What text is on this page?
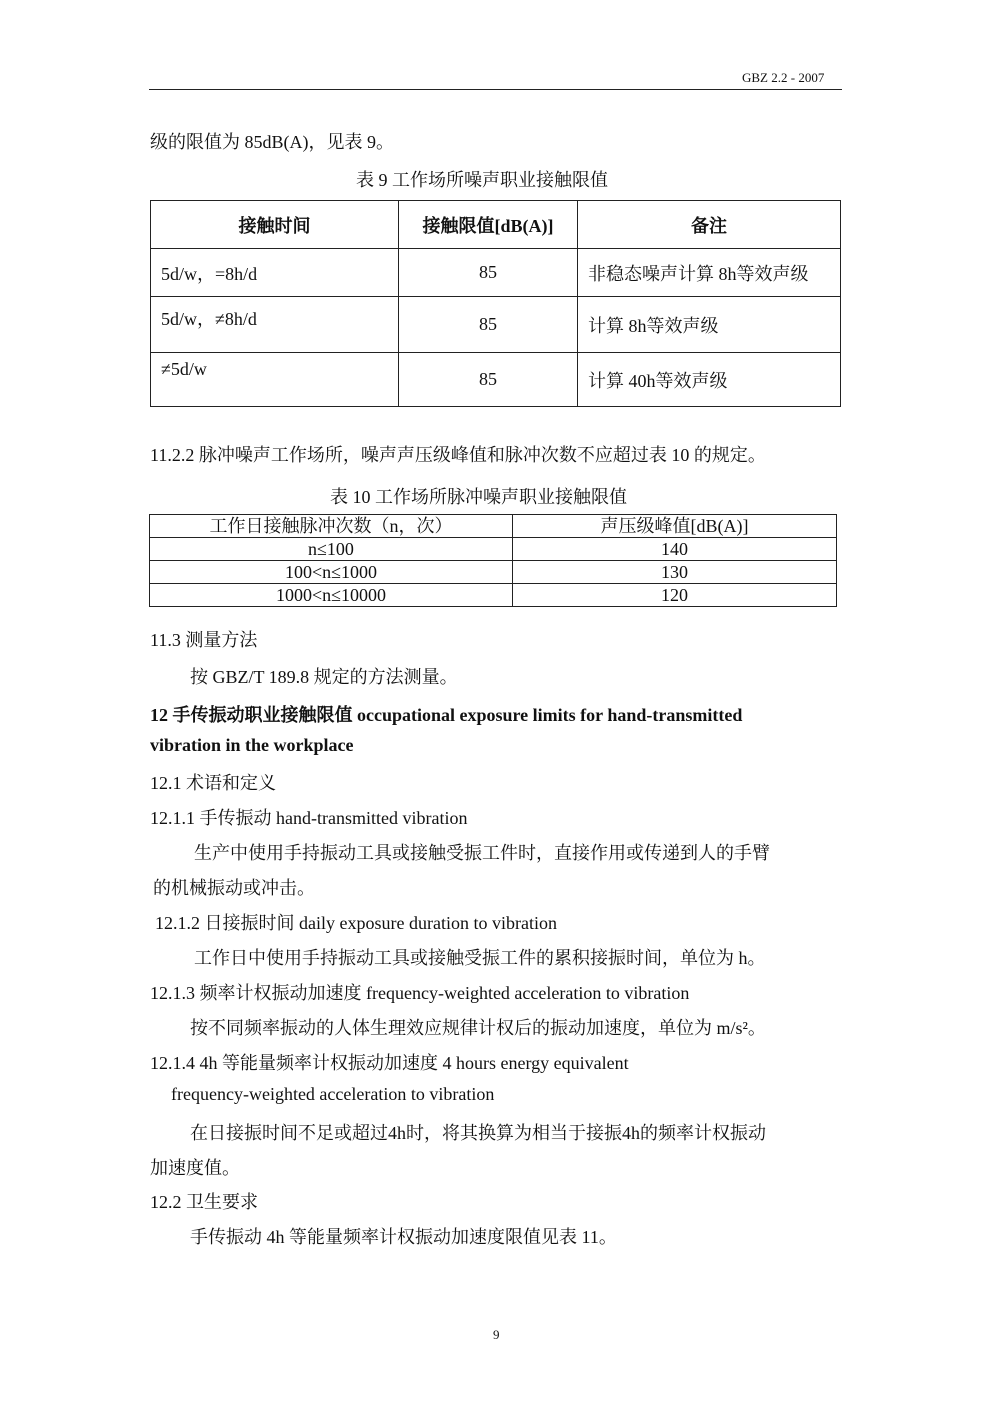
GBZ 2.2 - 2007
级的限值为 85dB(A)，见表 9。
表 9 工作场所噪声职业接触限值
接触时间	接触限值[dB(A)]	备注
5d/w，=8h/d	85	非稳态噪声计算 8h等效声级
5d/w，≠8h/d	85	计算 8h等效声级
≠5d/w	85	计算 40h等效声级
11.2.2 脉冲噪声工作场所，噪声声压级峰值和脉冲次数不应超过表 10 的规定。
表 10 工作场所脉冲噪声职业接触限值
工作日接触脉冲次数（n，次）	声压级峰值[dB(A)]
n≤100	140
100<n≤1000	130
1000<n≤10000	120
11.3 测量方法
按 GBZ/T 189.8 规定的方法测量。
12 手传振动职业接触限值 occupational exposure limits for hand-transmitted
vibration in the workplace
12.1 术语和定义
12.1.1 手传振动 hand-transmitted vibration
生产中使用手持振动工具或接触受振工件时，直接作用或传递到人的手臂
的机械振动或冲击。
12.1.2 日接振时间 daily exposure duration to vibration
工作日中使用手持振动工具或接触受振工件的累积接振时间，单位为 h。
12.1.3 频率计权振动加速度 frequency-weighted acceleration to vibration
按不同频率振动的人体生理效应规律计权后的振动加速度，单位为 m/s²。
12.1.4 4h 等能量频率计权振动加速度 4 hours energy equivalent
frequency-weighted acceleration to vibration
在日接振时间不足或超过4h时，将其换算为相当于接振4h的频率计权振动
加速度值。
12.2 卫生要求
手传振动 4h 等能量频率计权振动加速度限值见表 11。
9
